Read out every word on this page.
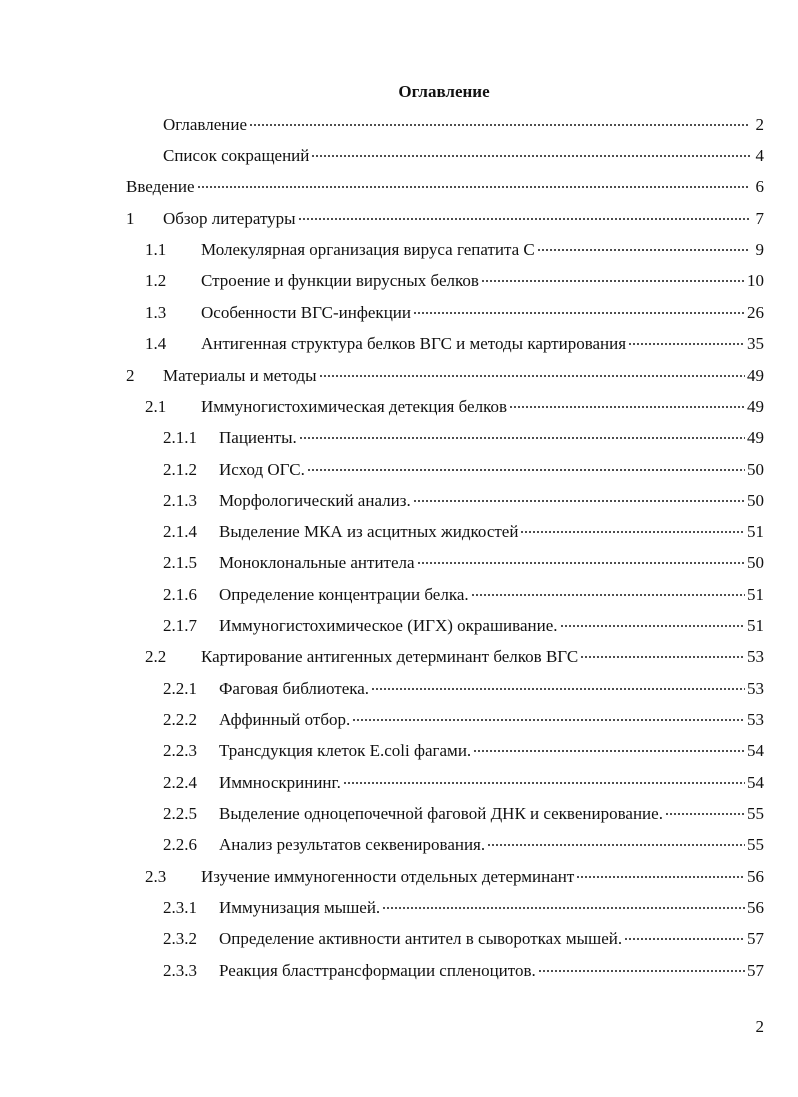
Оглавление
Оглавление	2
Список сокращений	4
Введение	6
1	Обзор литературы	7
1.1	Молекулярная организация вируса гепатита С	9
1.2	Строение и функции вирусных белков	10
1.3	Особенности ВГС-инфекции	26
1.4	Антигенная структура белков ВГС и методы картирования	35
2	Материалы и методы	49
2.1	Иммуногистохимическая детекция белков	49
2.1.1	Пациенты.	49
2.1.2	Исход ОГС.	50
2.1.3	Морфологический анализ.	50
2.1.4	Выделение МКА из асцитных жидкостей	51
2.1.5	Моноклональные антитела	50
2.1.6	Определение концентрации белка.	51
2.1.7	Иммуногистохимическое (ИГХ) окрашивание.	51
2.2	Картирование антигенных детерминант белков ВГС	53
2.2.1	Фаговая библиотека.	53
2.2.2	Аффинный отбор.	53
2.2.3	Трансдукция клеток E.coli фагами.	54
2.2.4	Иммноскрининг.	54
2.2.5	Выделение одноцепочечной фаговой ДНК и секвенирование.	55
2.2.6	Анализ результатов секвенирования.	55
2.3	Изучение иммуногенности отдельных детерминант	56
2.3.1	Иммунизация мышей.	56
2.3.2	Определение активности антител в сыворотках мышей.	57
2.3.3	Реакция бласттрансформации спленоцитов.	57
2
